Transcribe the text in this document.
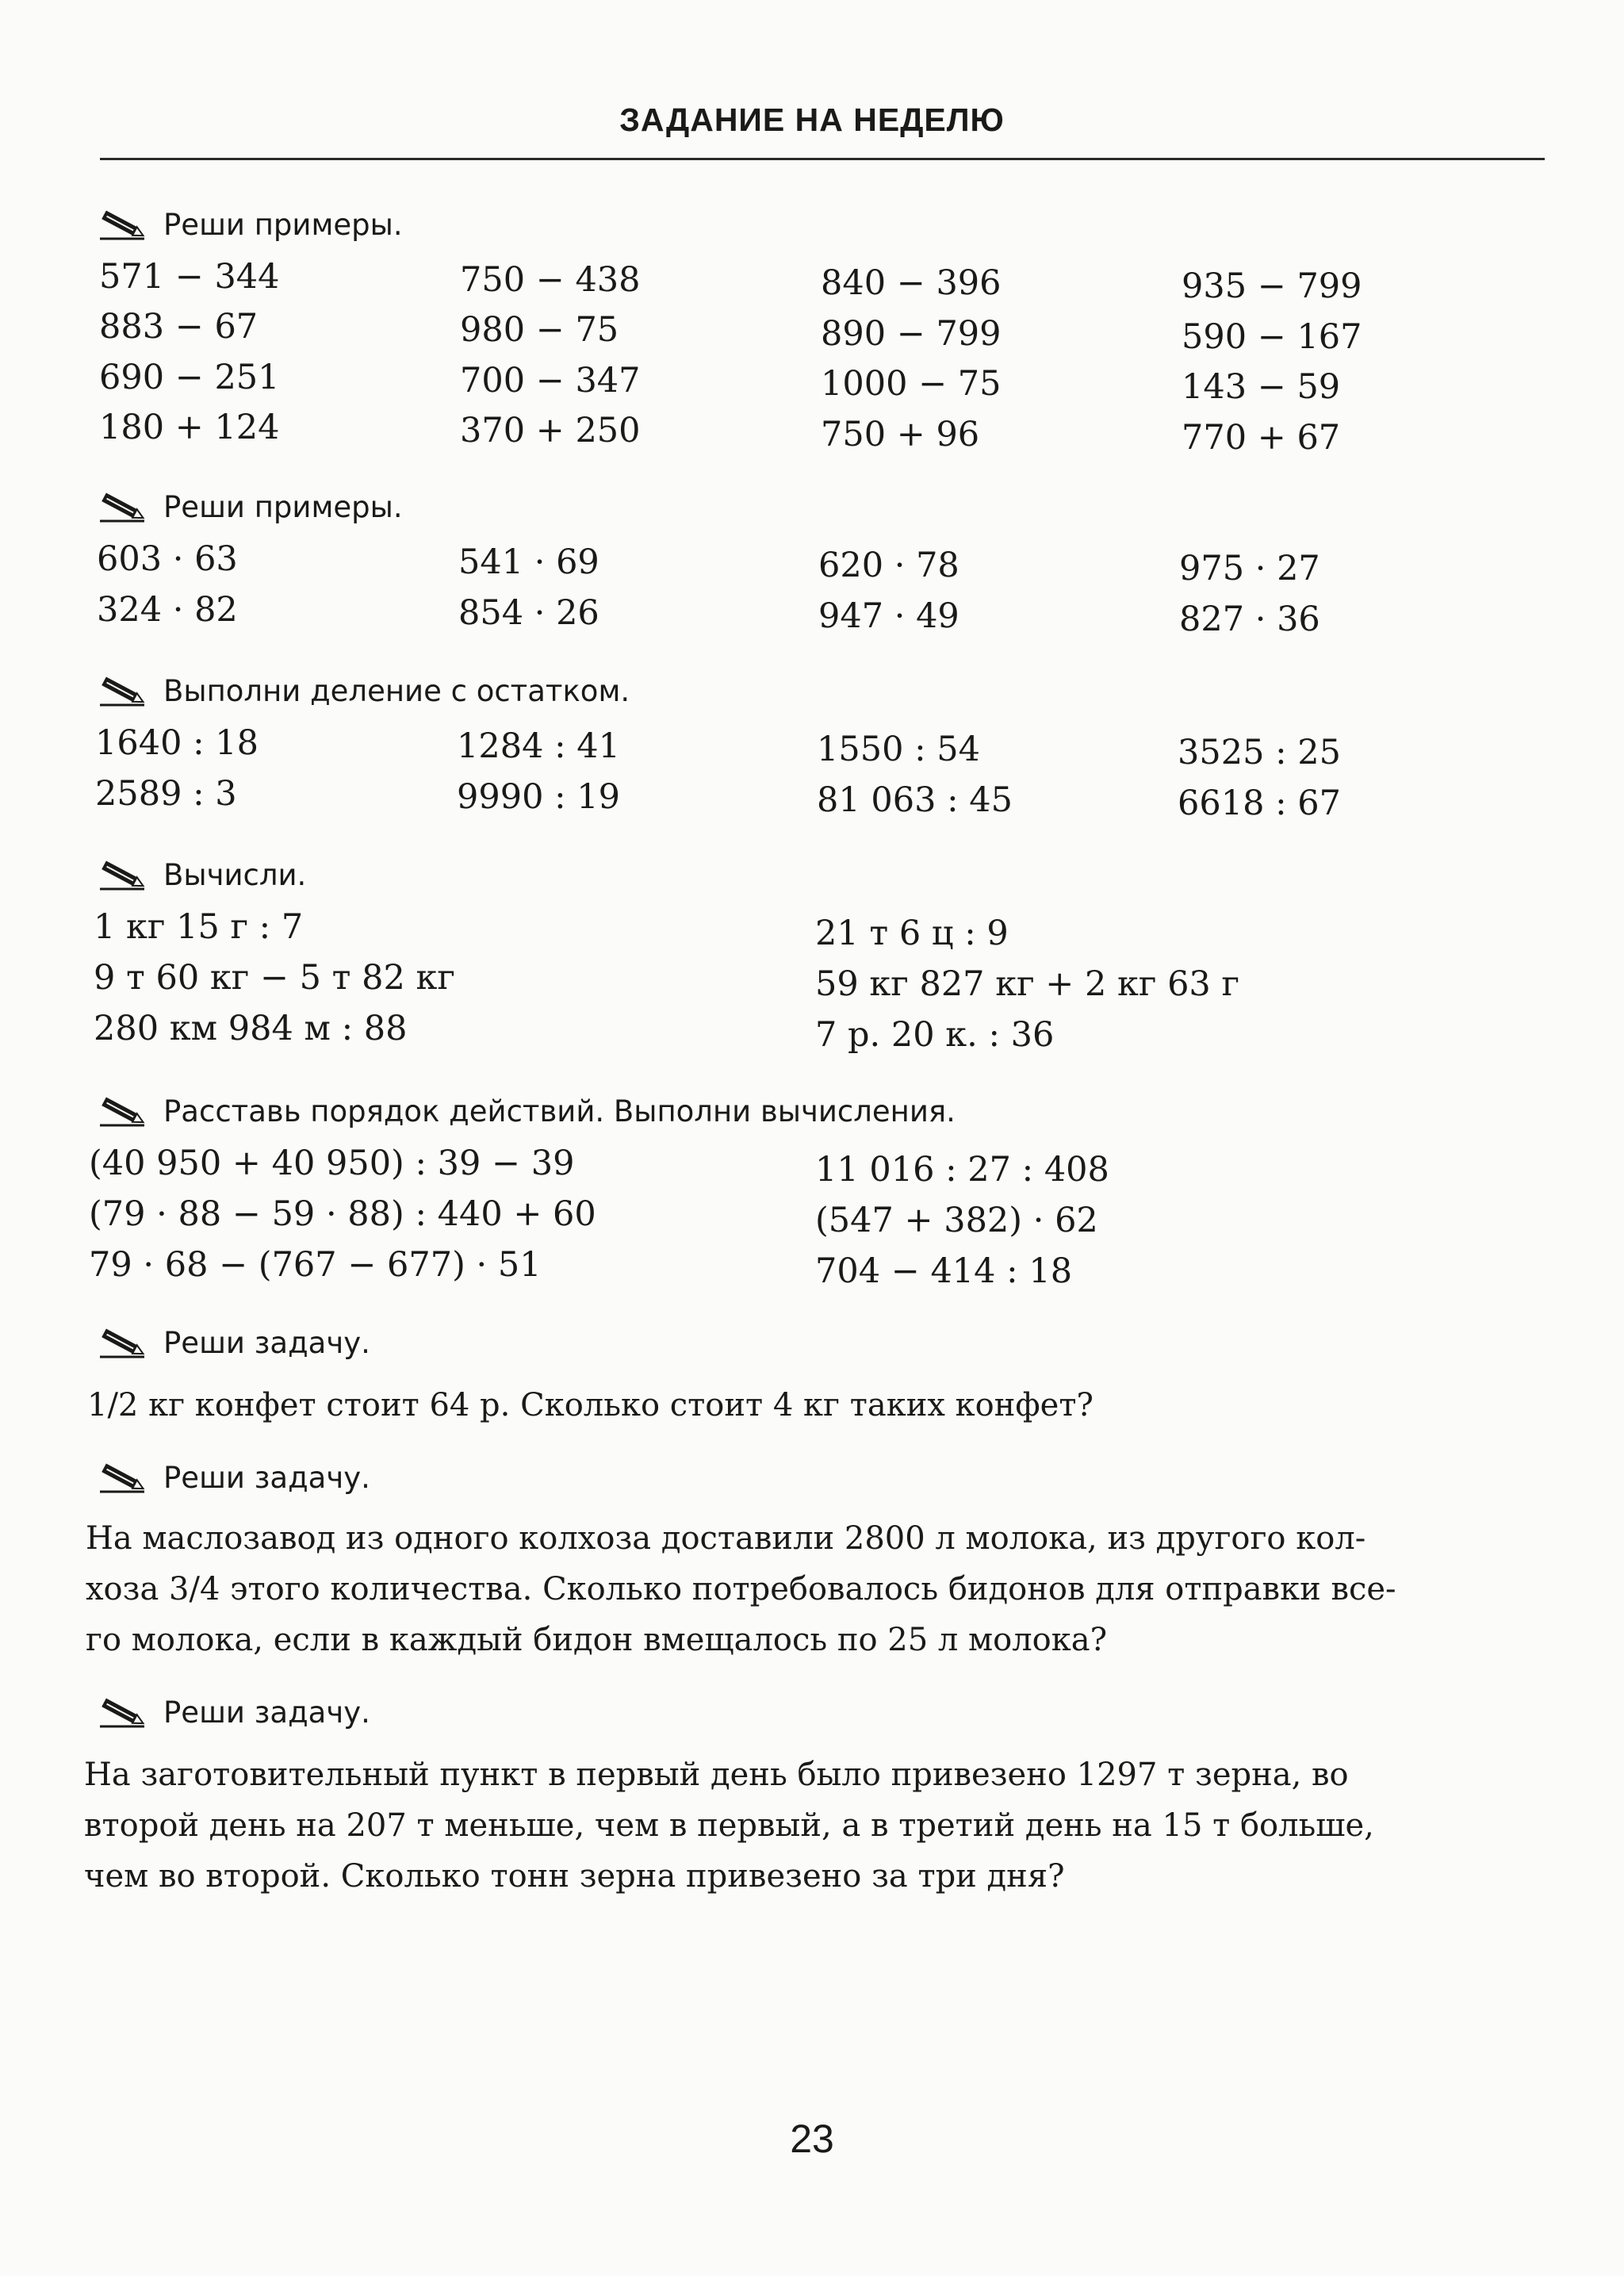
ЗАДАНИЕ НА НЕДЕЛЮ
Реши примеры.
571 − 344
883 − 67
690 − 251
180 + 124
750 − 438
980 − 75
700 − 347
370 + 250
840 − 396
890 − 799
1000 − 75
750 + 96
935 − 799
590 − 167
143 − 59
770 + 67
Реши примеры.
603 · 63
324 · 82
541 · 69
854 · 26
620 · 78
947 · 49
975 · 27
827 · 36
Выполни деление с остатком.
1640 : 18
2589 : 3
1284 : 41
9990 : 19
1550 : 54
81 063 : 45
3525 : 25
6618 : 67
Вычисли.
1 кг 15 г : 7
9 т 60 кг − 5 т 82 кг
280 км 984 м : 88
21 т 6 ц : 9
59 кг 827 кг + 2 кг 63 г
7 р. 20 к. : 36
Расставь порядок действий. Выполни вычисления.
(40 950 + 40 950) : 39 − 39
(79 · 88 − 59 · 88) : 440 + 60
79 · 68 − (767 − 677) · 51
11 016 : 27 : 408
(547 + 382) · 62
704 − 414 : 18
Реши задачу.
1/2 кг конфет стоит 64 р. Сколько стоит 4 кг таких конфет?
Реши задачу.
На маслозавод из одного колхоза доставили 2800 л молока, из другого кол-
хоза 3/4 этого количества. Сколько потребовалось бидонов для отправки все-
го молока, если в каждый бидон вмещалось по 25 л молока?
Реши задачу.
На заготовительный пункт в первый день было привезено 1297 т зерна, во
второй день на 207 т меньше, чем в первый, а в третий день на 15 т больше,
чем во второй. Сколько тонн зерна привезено за три дня?
23
